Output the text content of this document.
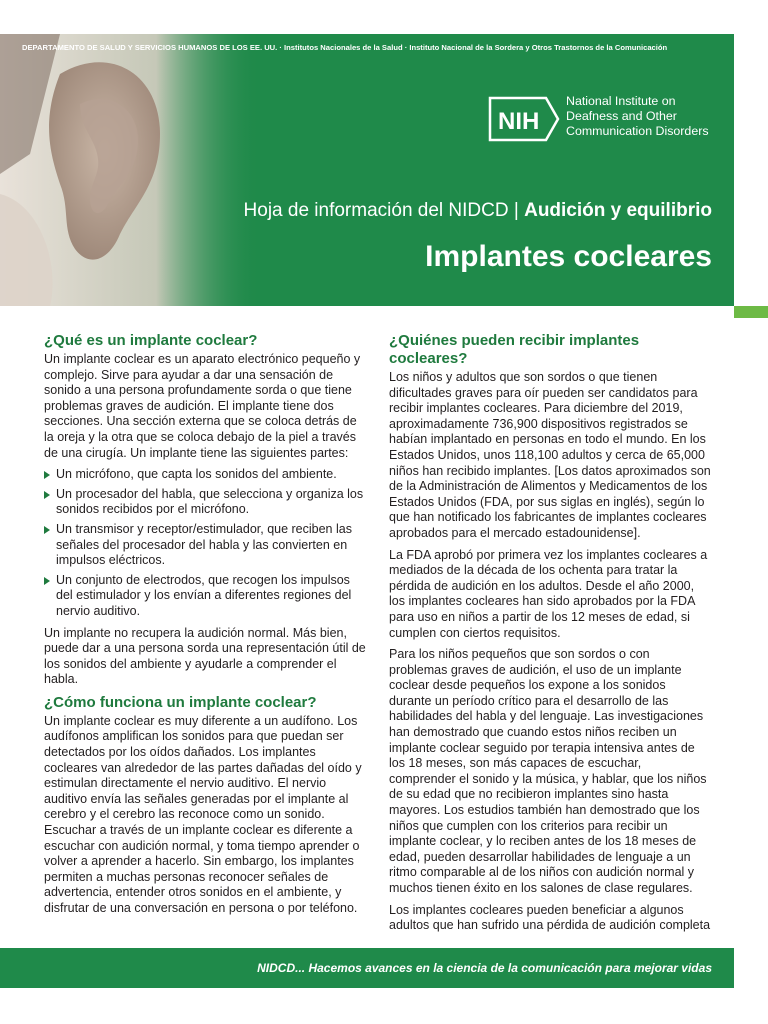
DEPARTAMENTO DE SALUD Y SERVICIOS HUMANOS DE LOS EE. UU. · Institutos Nacionales de la Salud · Instituto Nacional de la Sordera y Otros Trastornos de la Comunicación
NIH
National Institute on
Deafness and Other
Communication Disorders
Hoja de información del NIDCD | Audición y equilibrio
Implantes cocleares
¿Qué es un implante coclear?

Un implante coclear es un aparato electrónico pequeño y complejo. Sirve para ayudar a dar una sensación de sonido a una persona profundamente sorda o que tiene problemas graves de audición. El implante tiene dos secciones. Una sección externa que se coloca detrás de la oreja y la otra que se coloca debajo de la piel a través de una cirugía. Un implante tiene las siguientes partes:

Un micrófono, que capta los sonidos del ambiente.
Un procesador del habla, que selecciona y organiza los sonidos recibidos por el micrófono.
Un transmisor y receptor/estimulador, que reciben las señales del procesador del habla y las convierten en impulsos eléctricos.
Un conjunto de electrodos, que recogen los impulsos del estimulador y los envían a diferentes regiones del nervio auditivo.

Un implante no recupera la audición normal. Más bien, puede dar a una persona sorda una representación útil de los sonidos del ambiente y ayudarle a comprender el habla.

¿Cómo funciona un implante coclear?

Un implante coclear es muy diferente a un audífono. Los audífonos amplifican los sonidos para que puedan ser detectados por los oídos dañados. Los implantes cocleares van alrededor de las partes dañadas del oído y estimulan directamente el nervio auditivo. El nervio auditivo envía las señales generadas por el implante al cerebro y el cerebro las reconoce como un sonido. Escuchar a través de un implante coclear es diferente a escuchar con audición normal, y toma tiempo aprender o volver a aprender a hacerlo. Sin embargo, los implantes permiten a muchas personas reconocer señales de advertencia, entender otros sonidos en el ambiente, y disfrutar de una conversación en persona o por teléfono.

¿Quiénes pueden recibir implantes cocleares?

Los niños y adultos que son sordos o que tienen dificultades graves para oír pueden ser candidatos para recibir implantes cocleares. Para diciembre del 2019, aproximadamente 736,900 dispositivos registrados se habían implantado en personas en todo el mundo. En los Estados Unidos, unos 118,100 adultos y cerca de 65,000 niños han recibido implantes. [Los datos aproximados son de la Administración de Alimentos y Medicamentos de los Estados Unidos (FDA, por sus siglas en inglés), según lo que han notificado los fabricantes de implantes cocleares aprobados para el mercado estadounidense].

La FDA aprobó por primera vez los implantes cocleares a mediados de la década de los ochenta para tratar la pérdida de audición en los adultos. Desde el año 2000, los implantes cocleares han sido aprobados por la FDA para uso en niños a partir de los 12 meses de edad, si cumplen con ciertos requisitos.

Para los niños pequeños que son sordos o con problemas graves de audición, el uso de un implante coclear desde pequeños los expone a los sonidos durante un período crítico para el desarrollo de las habilidades del habla y del lenguaje. Las investigaciones han demostrado que cuando estos niños reciben un implante coclear seguido por terapia intensiva antes de los 18 meses, son más capaces de escuchar, comprender el sonido y la música, y hablar, que los niños de su edad que no recibieron implantes sino hasta mayores. Los estudios también han demostrado que los niños que cumplen con los criterios para recibir un implante coclear, y lo reciben antes de los 18 meses de edad, pueden desarrollar habilidades de lenguaje a un ritmo comparable al de los niños con audición normal y muchos tienen éxito en los salones de clase regulares.

Los implantes cocleares pueden beneficiar a algunos adultos que han sufrido una pérdida de audición completa

NIDCD... Hacemos avances en la ciencia de la comunicación para mejorar vidas
